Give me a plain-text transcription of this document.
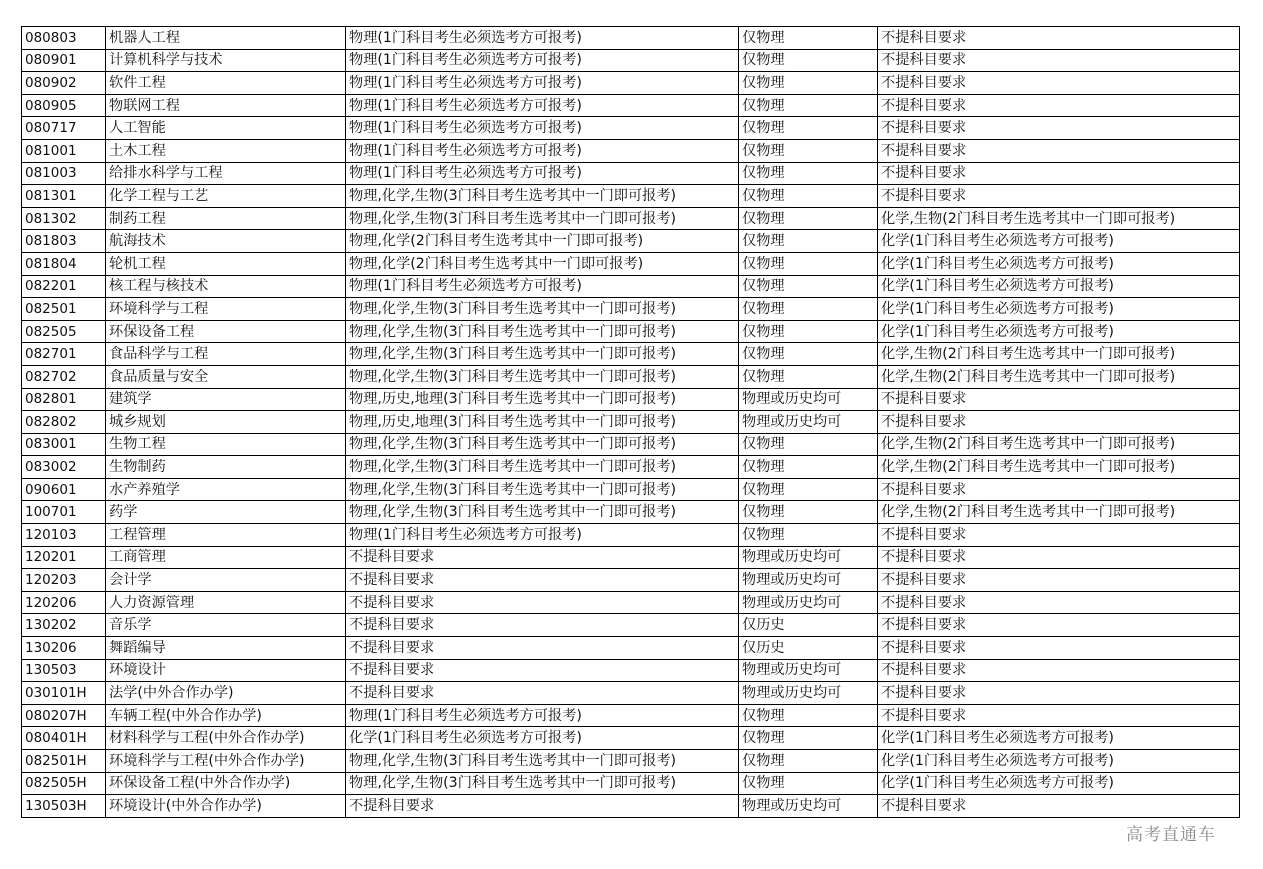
080803	机器人工程	物理(1门科目考生必须选考方可报考)	仅物理	不提科目要求
080901	计算机科学与技术	物理(1门科目考生必须选考方可报考)	仅物理	不提科目要求
080902	软件工程	物理(1门科目考生必须选考方可报考)	仅物理	不提科目要求
080905	物联网工程	物理(1门科目考生必须选考方可报考)	仅物理	不提科目要求
080717	人工智能	物理(1门科目考生必须选考方可报考)	仅物理	不提科目要求
081001	土木工程	物理(1门科目考生必须选考方可报考)	仅物理	不提科目要求
081003	给排水科学与工程	物理(1门科目考生必须选考方可报考)	仅物理	不提科目要求
081301	化学工程与工艺	物理,化学,生物(3门科目考生选考其中一门即可报考)	仅物理	不提科目要求
081302	制药工程	物理,化学,生物(3门科目考生选考其中一门即可报考)	仅物理	化学,生物(2门科目考生选考其中一门即可报考)
081803	航海技术	物理,化学(2门科目考生选考其中一门即可报考)	仅物理	化学(1门科目考生必须选考方可报考)
081804	轮机工程	物理,化学(2门科目考生选考其中一门即可报考)	仅物理	化学(1门科目考生必须选考方可报考)
082201	核工程与核技术	物理(1门科目考生必须选考方可报考)	仅物理	化学(1门科目考生必须选考方可报考)
082501	环境科学与工程	物理,化学,生物(3门科目考生选考其中一门即可报考)	仅物理	化学(1门科目考生必须选考方可报考)
082505	环保设备工程	物理,化学,生物(3门科目考生选考其中一门即可报考)	仅物理	化学(1门科目考生必须选考方可报考)
082701	食品科学与工程	物理,化学,生物(3门科目考生选考其中一门即可报考)	仅物理	化学,生物(2门科目考生选考其中一门即可报考)
082702	食品质量与安全	物理,化学,生物(3门科目考生选考其中一门即可报考)	仅物理	化学,生物(2门科目考生选考其中一门即可报考)
082801	建筑学	物理,历史,地理(3门科目考生选考其中一门即可报考)	物理或历史均可	不提科目要求
082802	城乡规划	物理,历史,地理(3门科目考生选考其中一门即可报考)	物理或历史均可	不提科目要求
083001	生物工程	物理,化学,生物(3门科目考生选考其中一门即可报考)	仅物理	化学,生物(2门科目考生选考其中一门即可报考)
083002	生物制药	物理,化学,生物(3门科目考生选考其中一门即可报考)	仅物理	化学,生物(2门科目考生选考其中一门即可报考)
090601	水产养殖学	物理,化学,生物(3门科目考生选考其中一门即可报考)	仅物理	不提科目要求
100701	药学	物理,化学,生物(3门科目考生选考其中一门即可报考)	仅物理	化学,生物(2门科目考生选考其中一门即可报考)
120103	工程管理	物理(1门科目考生必须选考方可报考)	仅物理	不提科目要求
120201	工商管理	不提科目要求	物理或历史均可	不提科目要求
120203	会计学	不提科目要求	物理或历史均可	不提科目要求
120206	人力资源管理	不提科目要求	物理或历史均可	不提科目要求
130202	音乐学	不提科目要求	仅历史	不提科目要求
130206	舞蹈编导	不提科目要求	仅历史	不提科目要求
130503	环境设计	不提科目要求	物理或历史均可	不提科目要求
030101H	法学(中外合作办学)	不提科目要求	物理或历史均可	不提科目要求
080207H	车辆工程(中外合作办学)	物理(1门科目考生必须选考方可报考)	仅物理	不提科目要求
080401H	材料科学与工程(中外合作办学)	化学(1门科目考生必须选考方可报考)	仅物理	化学(1门科目考生必须选考方可报考)
082501H	环境科学与工程(中外合作办学)	物理,化学,生物(3门科目考生选考其中一门即可报考)	仅物理	化学(1门科目考生必须选考方可报考)
082505H	环保设备工程(中外合作办学)	物理,化学,生物(3门科目考生选考其中一门即可报考)	仅物理	化学(1门科目考生必须选考方可报考)
130503H	环境设计(中外合作办学)	不提科目要求	物理或历史均可	不提科目要求
高考直通车
